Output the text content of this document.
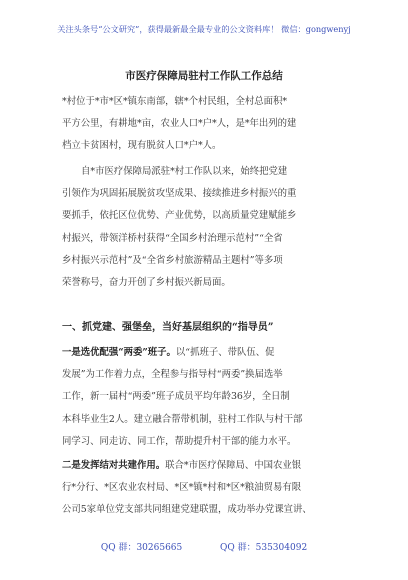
关注头条号“公文研究”，获得最新最全最专业的公文资料库！ 微信：gongwenyj
市医疗保障局驻村工作队工作总结
*村位于*市*区*镇东南部，辖*个村民组，全村总面积*
平方公里，有耕地*亩，农业人口*户*人，是*年出列的建
档立卡贫困村，现有脱贫人口*户*人。
自*市医疗保障局派驻*村工作队以来，始终把党建
引领作为巩固拓展脱贫攻坚成果、接续推进乡村振兴的重
要抓手，依托区位优势、产业优势，以高质量党建赋能乡
村振兴，带领洋桥村获得“全国乡村治理示范村”“全省
乡村振兴示范村”及“全省乡村旅游精品主题村”等多项
荣誉称号，奋力开创了乡村振兴新局面。
一、抓党建、强堡垒，当好基层组织的“指导员”
一是选优配强“两委”班子。以“抓班子、带队伍、促
发展”为工作着力点，全程参与指导村“两委”换届选举
工作，新一届村“两委”班子成员平均年龄36岁，全日制
本科毕业生2人。建立融合帮带机制，驻村工作队与村干部
同学习、同走访、同工作，帮助提升村干部的能力水平。
二是发挥结对共建作用。联合*市医疗保障局、中国农业银
行*分行、*区农业农村局、*区*镇*村和*区*粮油贸易有限
公司5家单位党支部共同组建党建联盟，成功举办党课宣讲、
QQ 群：30265665	QQ 群：535304092
